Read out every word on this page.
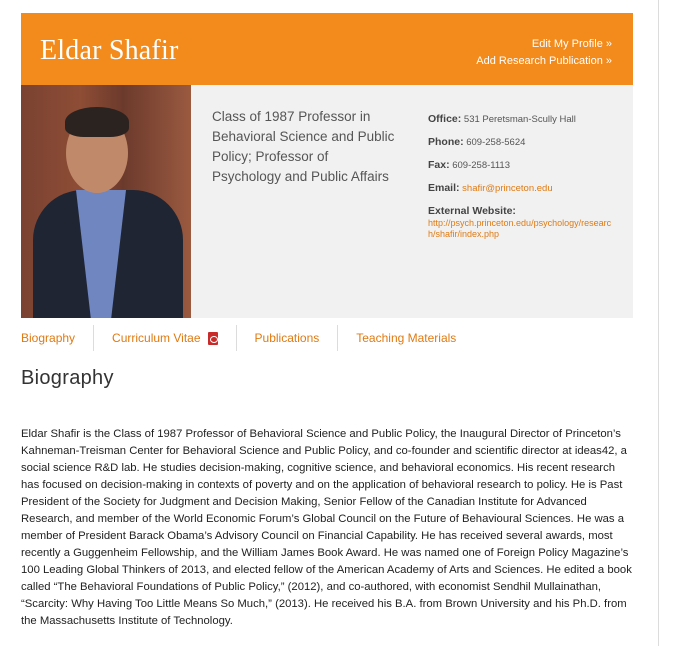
Eldar Shafir	Edit My Profile »
Add Research Publication »
Class of 1987 Professor in Behavioral Science and Public Policy; Professor of Psychology and Public Affairs
Office: 531 Peretsman-Scully Hall
Phone: 609-258-5624
Fax: 609-258-1113
Email: shafir@princeton.edu
External Website:
http://psych.princeton.edu/psychology/research/shafir/index.php
Biography	Curriculum Vitae	Publications	Teaching Materials
Biography

Eldar Shafir is the Class of 1987 Professor of Behavioral Science and Public Policy, the Inaugural Director of Princeton’s Kahneman-Treisman Center for Behavioral Science and Public Policy, and co-founder and scientific director at ideas42, a social science R&D lab. He studies decision-making, cognitive science, and behavioral economics. His recent research has focused on decision-making in contexts of poverty and on the application of behavioral research to policy. He is Past President of the Society for Judgment and Decision Making, Senior Fellow of the Canadian Institute for Advanced Research, and member of the World Economic Forum’s Global Council on the Future of Behavioural Sciences. He was a member of President Barack Obama’s Advisory Council on Financial Capability. He has received several awards, most recently a Guggenheim Fellowship, and the William James Book Award. He was named one of Foreign Policy Magazine’s 100 Leading Global Thinkers of 2013, and elected fellow of the American Academy of Arts and Sciences. He edited a book called “The Behavioral Foundations of Public Policy,” (2012), and co-authored, with economist Sendhil Mullainathan, “Scarcity: Why Having Too Little Means So Much,” (2013). He received his B.A. from Brown University and his Ph.D. from the Massachusetts Institute of Technology.
